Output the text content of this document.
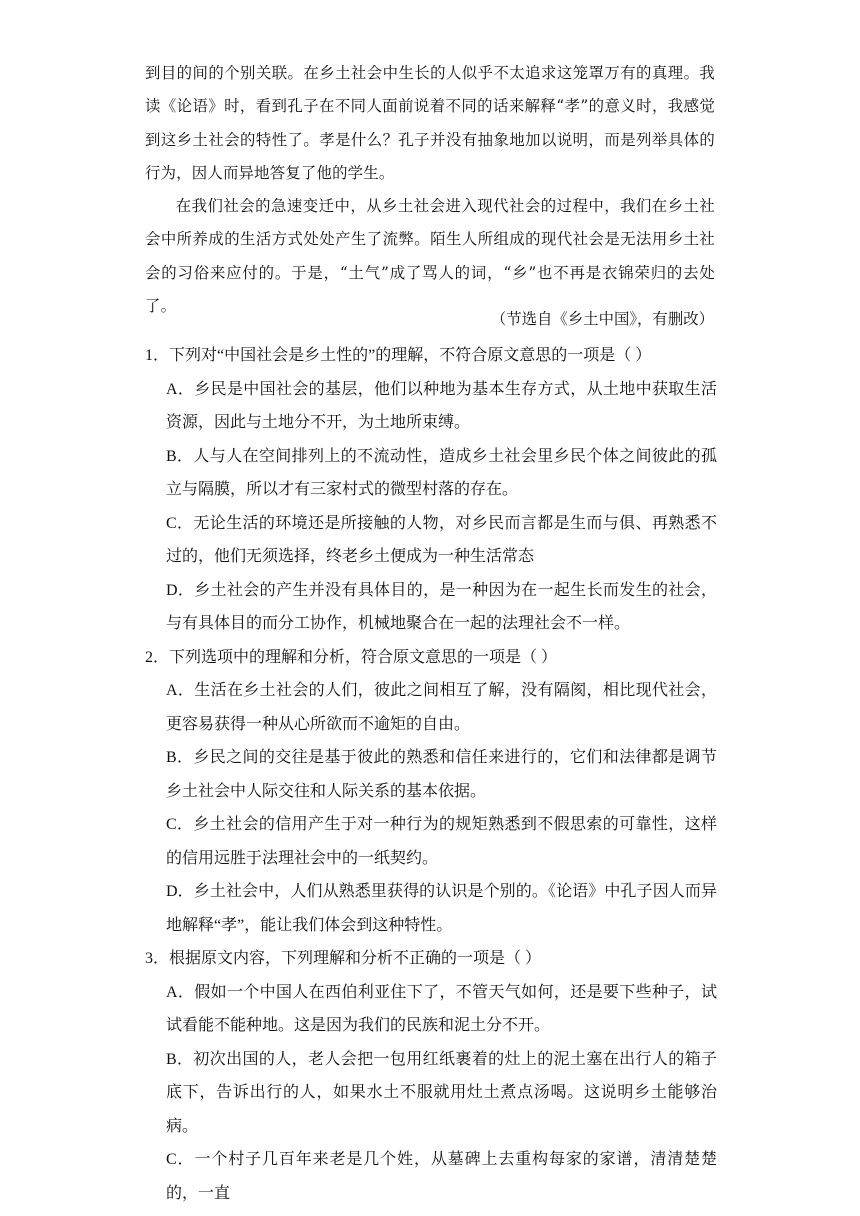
到目的间的个别关联。在乡土社会中生长的人似乎不太追求这笼罩万有的真理。我读《论语》时，看到孔子在不同人面前说着不同的话来解释“孝”的意义时，我感觉到这乡土社会的特性了。孝是什么？孔子并没有抽象地加以说明，而是列举具体的行为，因人而异地答复了他的学生。

在我们社会的急速变迁中，从乡土社会进入现代社会的过程中，我们在乡土社会中所养成的生活方式处处产生了流弊。陌生人所组成的现代社会是无法用乡土社会的习俗来应付的。于是，“土气”成了骂人的词，“乡”也不再是衣锦荣归的去处了。

（节选自《乡土中国》，有删改）
1．下列对“中国社会是乡土性的”的理解，不符合原文意思的一项是（ ）
A．乡民是中国社会的基层，他们以种地为基本生存方式，从土地中获取生活资源，因此与土地分不开，为土地所束缚。
B．人与人在空间排列上的不流动性，造成乡土社会里乡民个体之间彼此的孤立与隔膜，所以才有三家村式的微型村落的存在。
C．无论生活的环境还是所接触的人物，对乡民而言都是生而与俱、再熟悉不过的，他们无须选择，终老乡土便成为一种生活常态
D．乡土社会的产生并没有具体目的，是一种因为在一起生长而发生的社会，与有具体目的而分工协作，机械地聚合在一起的法理社会不一样。
2．下列选项中的理解和分析，符合原文意思的一项是（ ）
A．生活在乡土社会的人们，彼此之间相互了解，没有隔阂，相比现代社会，更容易获得一种从心所欲而不逾矩的自由。
B．乡民之间的交往是基于彼此的熟悉和信任来进行的，它们和法律都是调节乡土社会中人际交往和人际关系的基本依据。
C．乡土社会的信用产生于对一种行为的规矩熟悉到不假思索的可靠性，这样的信用远胜于法理社会中的一纸契约。
D．乡土社会中，人们从熟悉里获得的认识是个别的。《论语》中孔子因人而异地解释“孝”，能让我们体会到这种特性。
3．根据原文内容，下列理解和分析不正确的一项是（ ）
A．假如一个中国人在西伯利亚住下了，不管天气如何，还是要下些种子，试试看能不能种地。这是因为我们的民族和泥土分不开。
B．初次出国的人，老人会把一包用红纸裹着的灶上的泥土塞在出行人的箱子底下，告诉出行的人，如果水土不服就用灶土煮点汤喝。这说明乡土能够治病。
C．一个村子几百年来老是几个姓，从墓碑上去重构每家的家谱，清清楚楚的，一直
